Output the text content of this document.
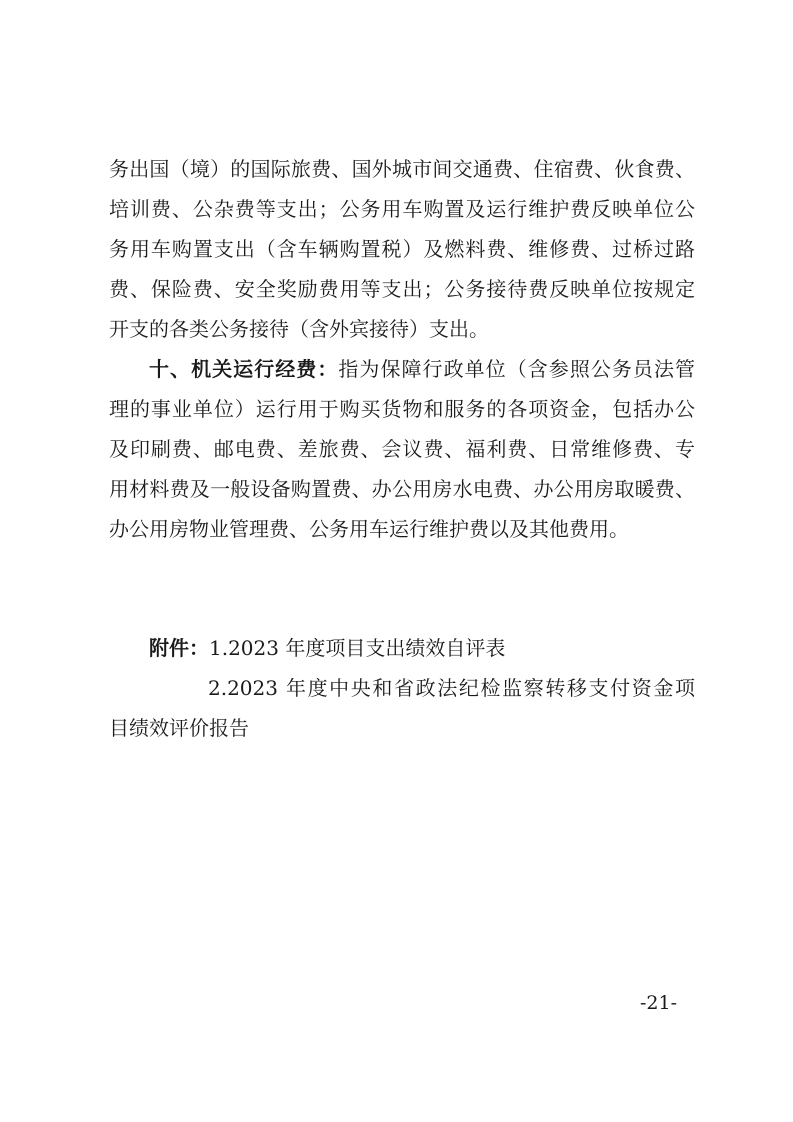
务出国（境）的国际旅费、国外城市间交通费、住宿费、伙食费、
培训费、公杂费等支出；公务用车购置及运行维护费反映单位公
务用车购置支出（含车辆购置税）及燃料费、维修费、过桥过路
费、保险费、安全奖励费用等支出；公务接待费反映单位按规定
开支的各类公务接待（含外宾接待）支出。
十、机关运行经费：指为保障行政单位（含参照公务员法管
理的事业单位）运行用于购买货物和服务的各项资金，包括办公
及印刷费、邮电费、差旅费、会议费、福利费、日常维修费、专
用材料费及一般设备购置费、办公用房水电费、办公用房取暖费、
办公用房物业管理费、公务用车运行维护费以及其他费用。
附件：1.2023 年度项目支出绩效自评表
2.2023 年度中央和省政法纪检监察转移支付资金项
目绩效评价报告
-21-
